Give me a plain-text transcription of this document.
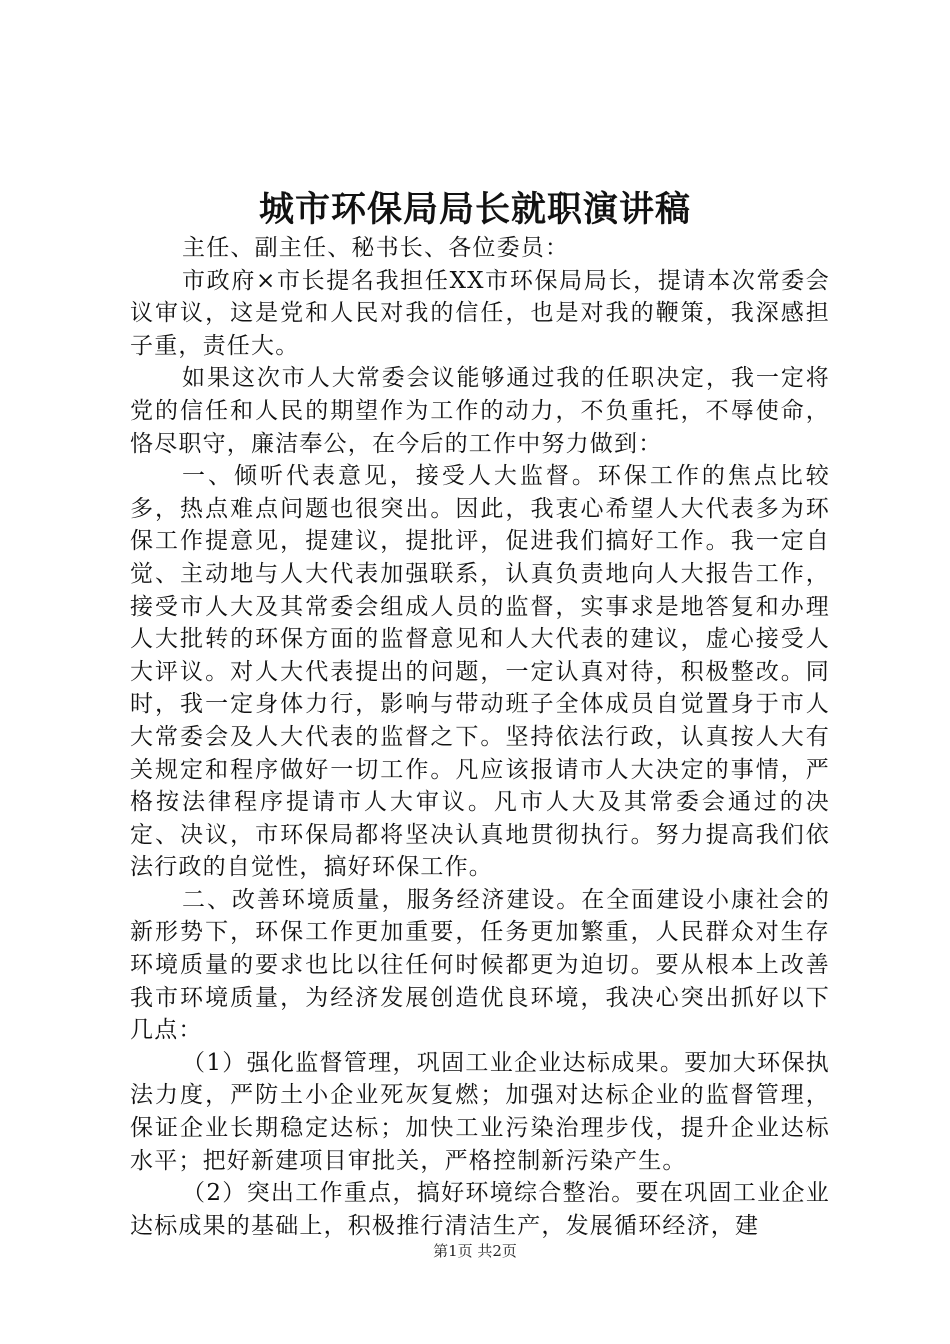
城市环保局局长就职演讲稿

主任、副主任、秘书长、各位委员：

市政府×市长提名我担任XX市环保局局长，提请本次常委会议审议，这是党和人民对我的信任，也是对我的鞭策，我深感担子重，责任大。

如果这次市人大常委会议能够通过我的任职决定，我一定将党的信任和人民的期望作为工作的动力，不负重托，不辱使命，恪尽职守，廉洁奉公，在今后的工作中努力做到：

一、倾听代表意见，接受人大监督。环保工作的焦点比较多，热点难点问题也很突出。因此，我衷心希望人大代表多为环保工作提意见，提建议，提批评，促进我们搞好工作。我一定自觉、主动地与人大代表加强联系，认真负责地向人大报告工作，接受市人大及其常委会组成人员的监督，实事求是地答复和办理人大批转的环保方面的监督意见和人大代表的建议，虚心接受人大评议。对人大代表提出的问题，一定认真对待，积极整改。同时，我一定身体力行，影响与带动班子全体成员自觉置身于市人大常委会及人大代表的监督之下。坚持依法行政，认真按人大有关规定和程序做好一切工作。凡应该报请市人大决定的事情，严格按法律程序提请市人大审议。凡市人大及其常委会通过的决定、决议，市环保局都将坚决认真地贯彻执行。努力提高我们依法行政的自觉性，搞好环保工作。

二、改善环境质量，服务经济建设。在全面建设小康社会的新形势下，环保工作更加重要，任务更加繁重，人民群众对生存环境质量的要求也比以往任何时候都更为迫切。要从根本上改善我市环境质量，为经济发展创造优良环境，我决心突出抓好以下几点：

（1）强化监督管理，巩固工业企业达标成果。要加大环保执法力度，严防土小企业死灰复燃；加强对达标企业的监督管理，保证企业长期稳定达标；加快工业污染治理步伐，提升企业达标水平；把好新建项目审批关，严格控制新污染产生。

（2）突出工作重点，搞好环境综合整治。要在巩固工业企业达标成果的基础上，积极推行清洁生产，发展循环经济，建

第1页 共2页
